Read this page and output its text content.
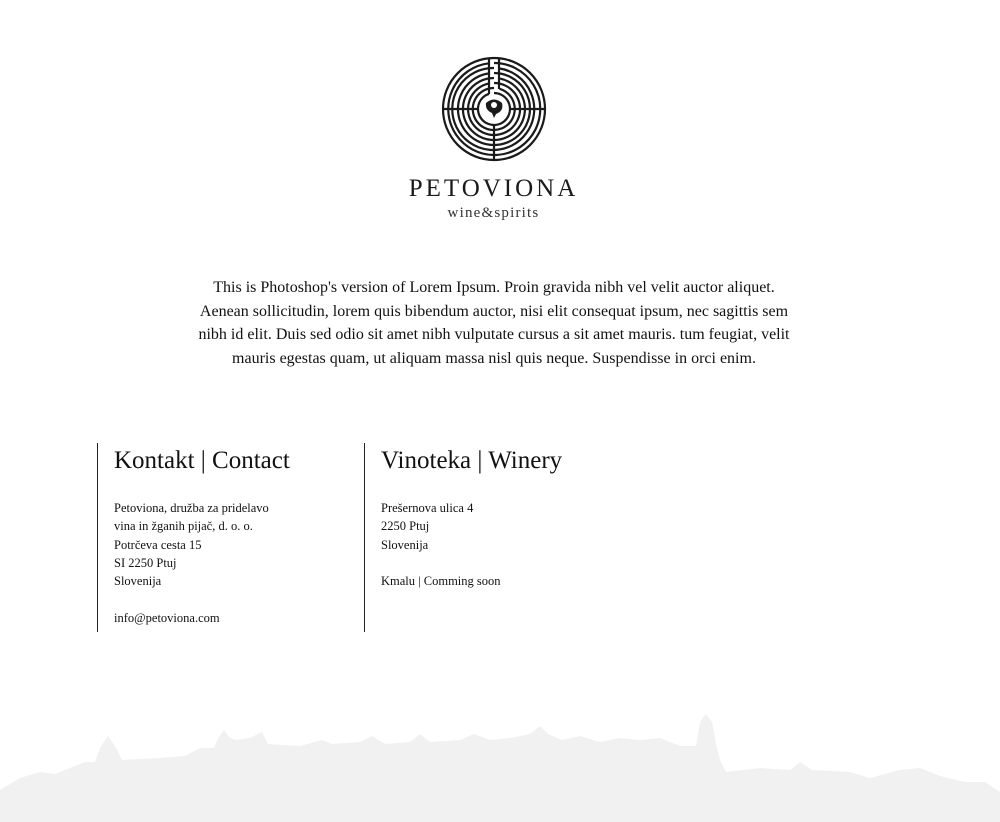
PETOVIONA
wine&spirits

This is Photoshop's version of Lorem Ipsum. Proin gravida nibh vel velit auctor aliquet. Aenean sollicitudin, lorem quis bibendum auctor, nisi elit consequat ipsum, nec sagittis sem nibh id elit. Duis sed odio sit amet nibh vulputate cursus a sit amet mauris. tum feugiat, velit mauris egestas quam, ut aliquam massa nisl quis neque. Suspendisse in orci enim.

Kontakt | Contact
Petoviona, družba za pridelavo
vina in žganih pijač, d. o. o.
Potrčeva cesta 15
SI 2250 Ptuj
Slovenija
info@petoviona.com
Vinoteka | Winery
Prešernova ulica 4
2250 Ptuj
Slovenija
Kmalu | Comming soon
